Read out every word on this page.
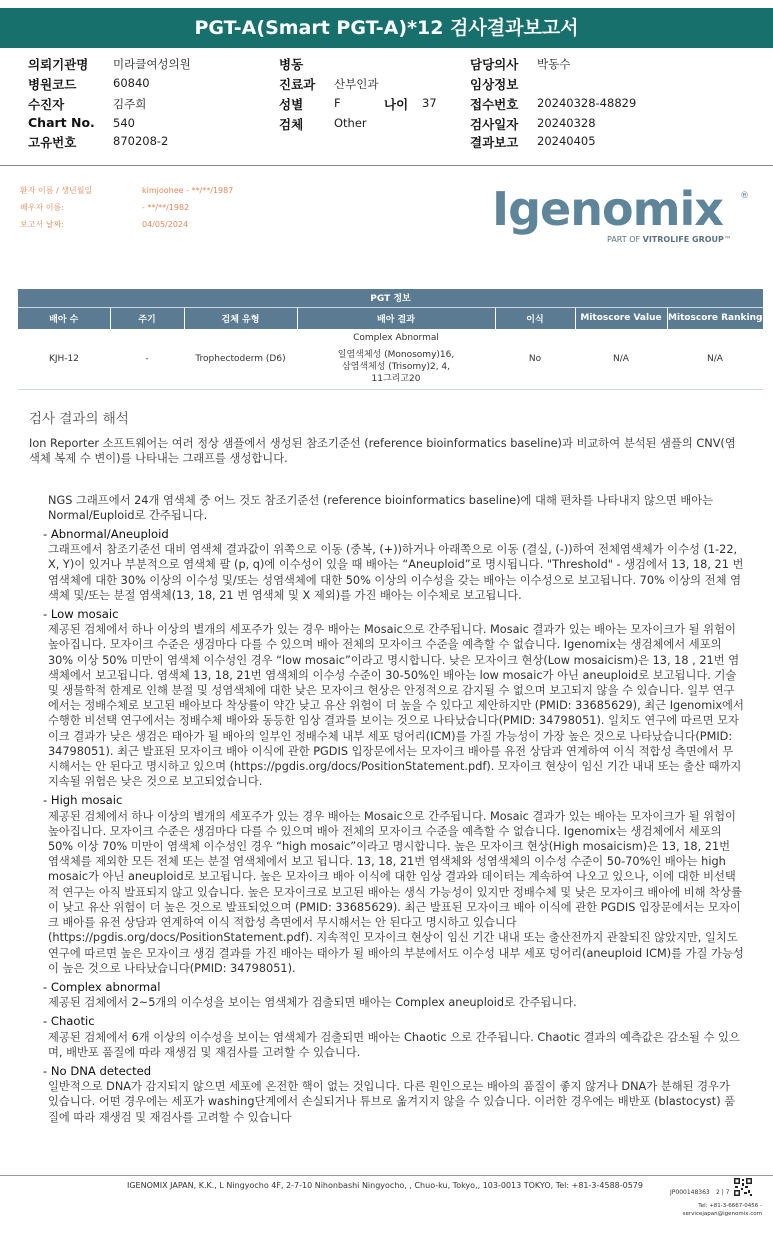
PGT-A(Smart PGT-A)*12 검사결과보고서
의뢰기관명 미라클여성의원
병원코드	60840
수진자	김주희
Chart No. 540
고유번호	870208-2
병동
진료과 산부인과
성별	F	나이 37
검체	Other
담당의사 박동수
임상정보
접수번호 20240328-48829
검사일자 20240328
결과보고 20240405
환자 이름 / 생년월일	kimjoohee - **/**/1987
배우자 이름:	- **/**/1982
보고서 날짜:	04/05/2024	Igenomix	®
PART OF VITROLIFE GROUP™
PGT 정보						
배아 수	주기	검체 유형	배아 결과	이식	Mitoscore Value	Mitoscore Ranking
KJH-12	-	Trophectoderm (D6)	Complex Abnormal
일염색체성 (Monosomy)16,
삼염색체성 (Trisomy)2, 4,
11그리고20	No	N/A	N/A
검사 결과의 해석

Ion Reporter 소프트웨어는 여러 정상 샘플에서 생성된 참조기준선 (reference bioinformatics baseline)과 비교하여 분석된 샘플의 CNV(염색체 복제 수 변이)를 나타내는 그래프를 생성합니다.

NGS 그래프에서 24개 염색체 중 어느 것도 참조기준선 (reference bioinformatics baseline)에 대해 편차를 나타내지 않으면 배아는 Normal/Euploid로 간주됩니다.

- Abnormal/Aneuploid

그래프에서 참조기준선 대비 염색체 결과값이 위쪽으로 이동 (중복, (+))하거나 아래쪽으로 이동 (결실, (-))하여 전체염색체가 이수성 (1-22, X, Y)이 있거나 부분적으로 염색체 팔 (p, q)에 이수성이 있을 때 배아는 “Aneuploid”로 명시됩니다. "Threshold" - 생검에서 13, 18, 21 번 염색체에 대한 30% 이상의 이수성 및/또는 성염색체에 대한 50% 이상의 이수성을 갖는 배아는 이수성으로 보고됩니다. 70% 이상의 전체 염색체 및/또는 분절 염색체(13, 18, 21 번 염색체 및 X 제외)를 가진 배아는 이수체로 보고됩니다.

- Low mosaic

제공된 검체에서 하나 이상의 별개의 세포주가 있는 경우 배아는 Mosaic으로 간주됩니다. Mosaic 결과가 있는 배아는 모자이크가 될 위험이 높아집니다. 모자이크 수준은 생검마다 다를 수 있으며 배아 전체의 모자이크 수준을 예측할 수 없습니다. Igenomix는 생검체에서 세포의 30% 이상 50% 미만이 염색체 이수성인 경우 “low mosaic”이라고 명시합니다. 낮은 모자이크 현상(Low mosaicism)은 13, 18 , 21번 염색체에서 보고됩니다. 염색체 13, 18, 21번 염색체의 이수성 수준이 30-50%인 배아는 low mosaic가 아닌 aneuploid로 보고됩니다. 기술 및 생물학적 한계로 인해 분절 및 성염색체에 대한 낮은 모자이크 현상은 안정적으로 감지될 수 없으며 보고되지 않을 수 있습니다. 일부 연구에서는 정배수체로 보고된 배아보다 착상률이 약간 낮고 유산 위험이 더 높을 수 있다고 제안하지만 (PMID: 33685629), 최근 Igenomix에서 수행한 비선택 연구에서는 정배수체 배아와 동등한 임상 결과를 보이는 것으로 나타났습니다(PMID: 34798051). 일치도 연구에 따르면 모자이크 결과가 낮은 생검은 태아가 될 배아의 일부인 정배수체 내부 세포 덩어리(ICM)를 가질 가능성이 가장 높은 것으로 나타났습니다(PMID: 34798051). 최근 발표된 모자이크 배아 이식에 관한 PGDIS 입장문에서는 모자이크 배아를 유전 상담과 연계하여 이식 적합성 측면에서 무시해서는 안 된다고 명시하고 있으며 (https://pgdis.org/docs/PositionStatement.pdf). 모자이크 현상이 임신 기간 내내 또는 출산 때까지 지속될 위험은 낮은 것으로 보고되었습니다.

- High mosaic

제공된 검체에서 하나 이상의 별개의 세포주가 있는 경우 배아는 Mosaic으로 간주됩니다. Mosaic 결과가 있는 배아는 모자이크가 될 위험이 높아집니다. 모자이크 수준은 생검마다 다를 수 있으며 배아 전체의 모자이크 수준을 예측할 수 없습니다. Igenomix는 생검체에서 세포의 50% 이상 70% 미만이 염색체 이수성인 경우 “high mosaic”이라고 명시합니다. 높은 모자이크 현상(High mosaicism)은 13, 18, 21번 염색체를 제외한 모든 전체 또는 분절 염색체에서 보고 됩니다. 13, 18, 21번 염색체와 성염색체의 이수성 수준이 50-70%인 배아는 high mosaic가 아닌 aneuploid로 보고됩니다. 높은 모자이크 배아 이식에 대한 임상 결과와 데이터는 계속하여 나오고 있으나, 이에 대한 비선택적 연구는 아직 발표되지 않고 있습니다. 높은 모자이크로 보고된 배아는 생식 가능성이 있지만 정배수체 및 낮은 모자이크 배아에 비해 착상률이 낮고 유산 위험이 더 높은 것으로 발표되었으며 (PMID: 33685629). 최근 발표된 모자이크 배아 이식에 관한 PGDIS 입장문에서는 모자이크 배아를 유전 상담과 연계하여 이식 적합성 측면에서 무시해서는 안 된다고 명시하고 있습니다 (https://pgdis.org/docs/PositionStatement.pdf). 지속적인 모자이크 현상이 임신 기간 내내 또는 출산전까지 관찰되진 않았지만, 일치도 연구에 따르면 높은 모자이크 생검 결과를 가진 배아는 태아가 될 배아의 부분에서도 이수성 내부 세포 덩어리(aneuploid ICM)를 가질 가능성이 높은 것으로 나타났습니다(PMID: 34798051).

- Complex abnormal

제공된 검체에서 2~5개의 이수성을 보이는 염색체가 검출되면 배아는 Complex aneuploid로 간주됩니다.

- Chaotic

제공된 검체에서 6개 이상의 이수성을 보이는 염색체가 검출되면 배아는 Chaotic 으로 간주됩니다. Chaotic 결과의 예측값은 감소될 수 있으며, 배반포 품질에 따라 재생검 및 재검사를 고려할 수 있습니다.

- No DNA detected

일반적으로 DNA가 감지되지 않으면 세포에 온전한 핵이 없는 것입니다. 다른 원인으로는 배아의 품질이 좋지 않거나 DNA가 분해된 경우가 있습니다. 어떤 경우에는 세포가 washing단계에서 손실되거나 튜브로 옮겨지지 않을 수 있습니다. 이러한 경우에는 배반포 (blastocyst) 품질에 따라 재생검 및 재검사를 고려할 수 있습니다

IGENOMIX JAPAN, K.K., L Ningyocho 4F, 2-7-10 Nihonbashi Ningyocho, , Chuo-ku, Tokyo,, 103-0013 TOKYO, Tel: +81-3-4588-0579
JP000148363 2 | 7
Tel: +81-3-6667-0456 -
servicejapan@igenomix.com
